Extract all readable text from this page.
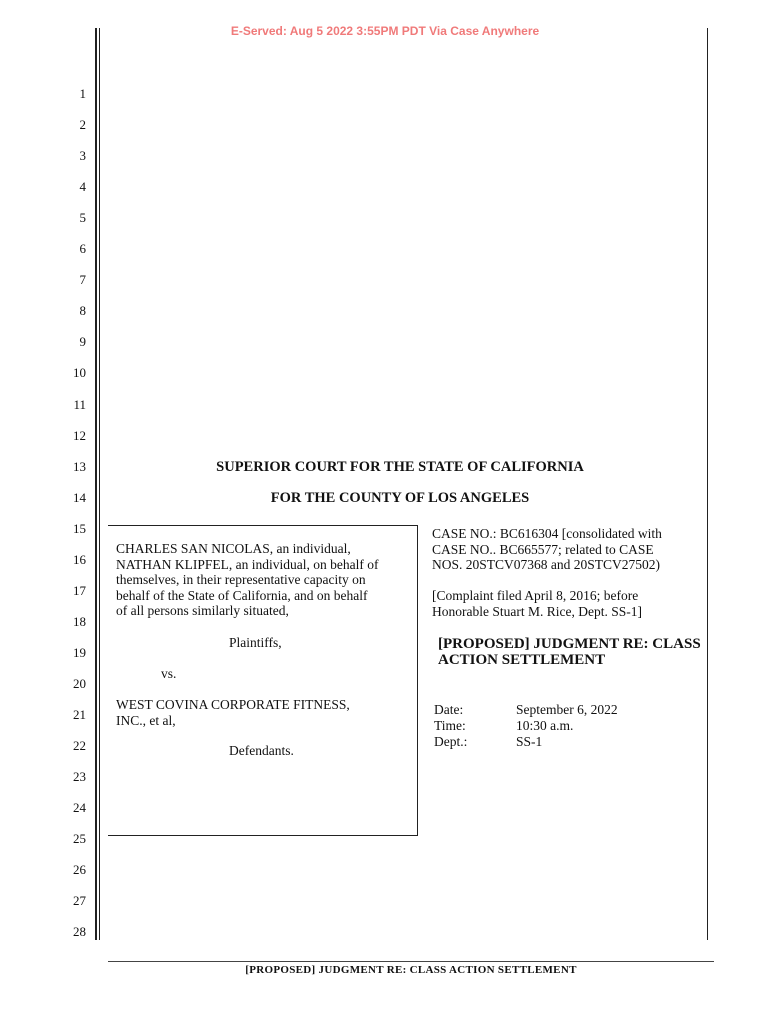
E-Served: Aug 5 2022 3:55PM PDT Via Case Anywhere
1
2
3
4
5
6
7
8
9
10
11
12
13
14
15
16
17
18
19
20
21
22
23
24
25
26
27
28
SUPERIOR COURT FOR THE STATE OF CALIFORNIA
FOR THE COUNTY OF LOS ANGELES
CHARLES SAN NICOLAS, an individual,
NATHAN KLIPFEL, an individual, on behalf of
themselves, in their representative capacity on
behalf of the State of California, and on behalf
of all persons similarly situated,
Plaintiffs,
vs.
WEST COVINA CORPORATE FITNESS,
INC., et al,
Defendants.
CASE NO.: BC616304 [consolidated with
CASE NO.. BC665577; related to CASE
NOS. 20STCV07368 and 20STCV27502)
[Complaint filed April 8, 2016; before
Honorable Stuart M. Rice, Dept. SS-1]
[PROPOSED] JUDGMENT RE: CLASS
ACTION SETTLEMENT
Date:	September 6, 2022
Time:	10:30 a.m.
Dept.:	SS-1
[PROPOSED] JUDGMENT RE: CLASS ACTION SETTLEMENT
